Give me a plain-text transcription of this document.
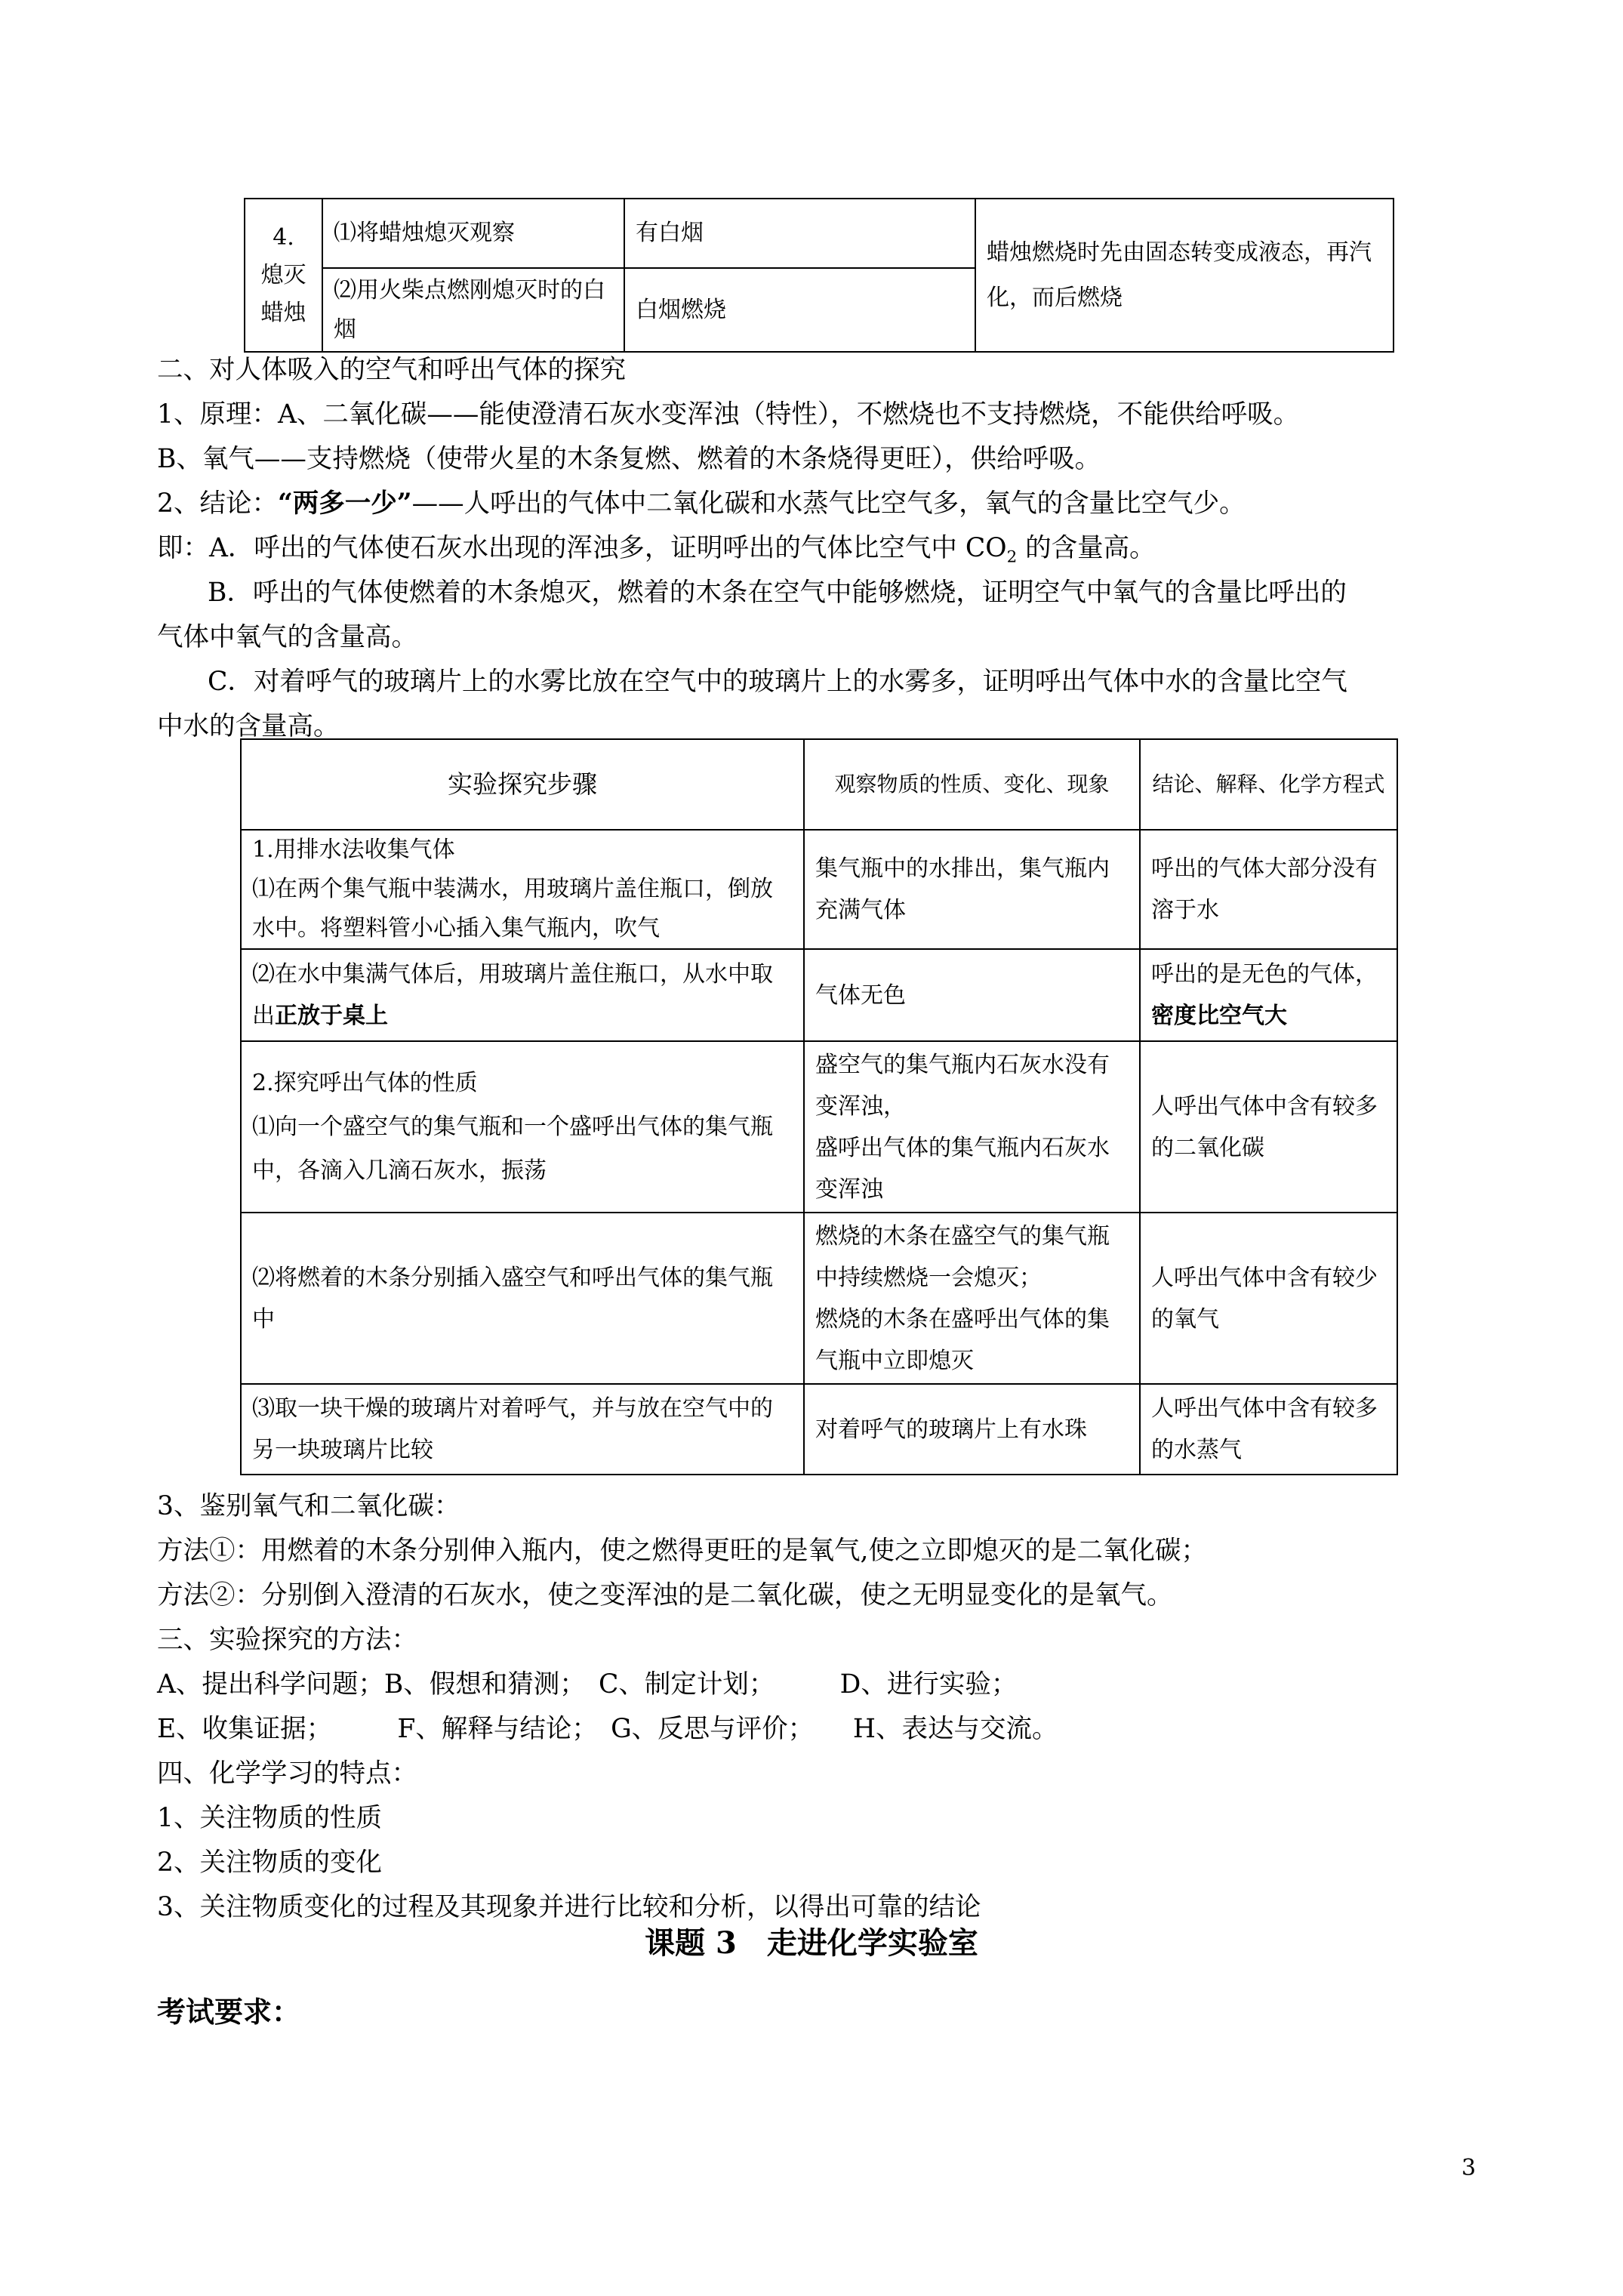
4.
熄灭
蜡烛	⑴将蜡烛熄灭观察	有白烟	蜡烛燃烧时先由固态转变成液态，再汽化，而后燃烧
	⑵用火柴点燃刚熄灭时的白烟	白烟燃烧	
二、对人体吸入的空气和呼出气体的探究
1、原理：A、二氧化碳——能使澄清石灰水变浑浊（特性），不燃烧也不支持燃烧，不能供给呼吸。
B、氧气——支持燃烧（使带火星的木条复燃、燃着的木条烧得更旺），供给呼吸。
2、结论：“两多一少”——人呼出的气体中二氧化碳和水蒸气比空气多，氧气的含量比空气少。
即：A．呼出的气体使石灰水出现的浑浊多，证明呼出的气体比空气中 $CO_2$ 的含量高。
B．呼出的气体使燃着的木条熄灭，燃着的木条在空气中能够燃烧，证明空气中氧气的含量比呼出的
气体中氧气的含量高。
C．对着呼气的玻璃片上的水雾比放在空气中的玻璃片上的水雾多，证明呼出气体中水的含量比空气
中水的含量高。
实验探究步骤	观察物质的性质、变化、现象	结论、解释、化学方程式
1.用排水法收集气体
⑴在两个集气瓶中装满水，用玻璃片盖住瓶口，倒放水中。将塑料管小心插入集气瓶内，吹气	集气瓶中的水排出，集气瓶内充满气体	呼出的气体大部分没有溶于水
⑵在水中集满气体后，用玻璃片盖住瓶口，从水中取出正放于桌上	气体无色	呼出的是无色的气体，密度比空气大
2.探究呼出气体的性质
⑴向一个盛空气的集气瓶和一个盛呼出气体的集气瓶中，各滴入几滴石灰水，振荡	盛空气的集气瓶内石灰水没有变浑浊，
盛呼出气体的集气瓶内石灰水变浑浊	人呼出气体中含有较多的二氧化碳
⑵将燃着的木条分别插入盛空气和呼出气体的集气瓶中	燃烧的木条在盛空气的集气瓶中持续燃烧一会熄灭；
燃烧的木条在盛呼出气体的集气瓶中立即熄灭	人呼出气体中含有较少的氧气
⑶取一块干燥的玻璃片对着呼气，并与放在空气中的另一块玻璃片比较	对着呼气的玻璃片上有水珠	人呼出气体中含有较多的水蒸气
3、鉴别氧气和二氧化碳：
方法①：用燃着的木条分别伸入瓶内，使之燃得更旺的是氧气,使之立即熄灭的是二氧化碳；
方法②：分别倒入澄清的石灰水，使之变浑浊的是二氧化碳，使之无明显变化的是氧气。
三、实验探究的方法：
A、提出科学问题；B、假想和猜测；　C、制定计划；　　　D、进行实验；
E、收集证据；　　　F、解释与结论；　G、反思与评价；　　H、表达与交流。
四、化学学习的特点：
1、关注物质的性质
2、关注物质的变化
3、关注物质变化的过程及其现象并进行比较和分析，以得出可靠的结论
课题 3　走进化学实验室
考试要求：
3
